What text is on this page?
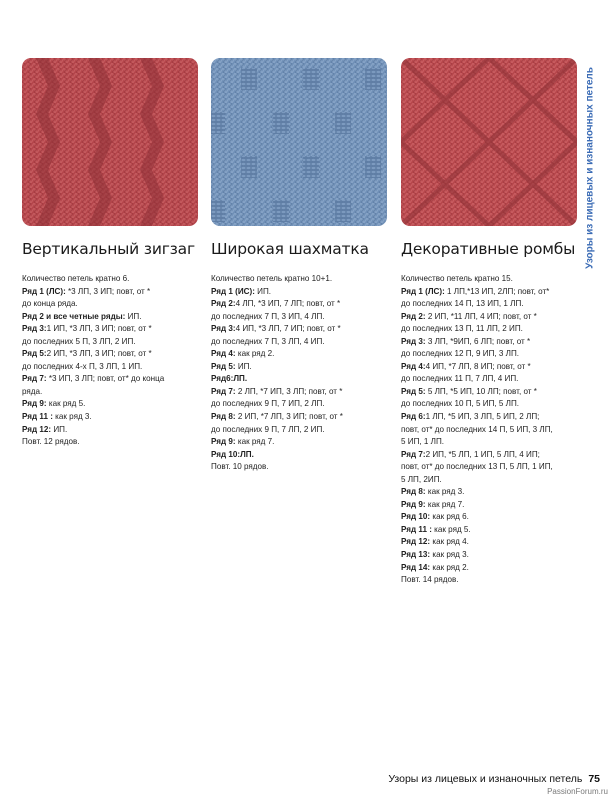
Вертикальный зигзаг
Количество петель кратно 6.
Ряд 1 (ЛС): *3 ЛП, 3 ИП; повт, от *
до конца ряда.
Ряд 2 и все четные ряды: ИП.
Ряд 3:1 ИП, *3 ЛП, 3 ИП; повт, от *
до последних 5 П, 3 ЛП, 2 ИП.
Ряд 5:2 ИП, *3 ЛП, 3 ИП; повт, от *
до последних 4-х П, 3 ЛП, 1 ИП.
Ряд 7: *3 ИП, 3 ЛП; повт, от* до конца
ряда.
Ряд 9: как ряд 5.
Ряд 11 : как ряд 3.
Ряд 12: ИП.
Повт. 12 рядов.
Широкая шахматка
Количество петель кратно 10+1.
Ряд 1 (ИС): ИП.
Ряд 2:4 ЛП, *3 ИП, 7 ЛП; повт, от *
до последних 7 П, 3 ИП, 4 ЛП.
Ряд 3:4 ИП, *3 ЛП, 7 ИП; повт, от *
до последних 7 П, 3 ЛП, 4 ИП.
Ряд 4: как ряд 2.
Ряд 5: ИП.
Ряд6:ЛП.
Ряд 7: 2 ЛП, *7 ИП, 3 ЛП; повт, от *
до последних 9 П, 7 ИП, 2 ЛП.
Ряд 8: 2 ИП, *7 ЛП, 3 ИП; повт, от *
до последних 9 П, 7 ЛП, 2 ИП.
Ряд 9: как ряд 7.
Ряд 10:ЛП.
Повт. 10 рядов.
Декоративные ромбы
Количество петель кратно 15.
Ряд 1 (ЛС): 1 ЛП,*13 ИП, 2ЛП; повт, от*
до последних 14 П, 13 ИП, 1 ЛП.
Ряд 2: 2 ИП, *11 ЛП, 4 ИП; повт, от *
до последних 13 П, 11 ЛП, 2 ИП.
Ряд 3: 3 ЛП, *9ИП, 6 ЛП; повт, от *
до последних 12 П, 9 ИП, 3 ЛП.
Ряд 4:4 ИП, *7 ЛП, 8 ИП; повт, от *
до последних 11 П, 7 ЛП, 4 ИП.
Ряд 5: 5 ЛП, *5 ИП, 10 ЛП; повт, от *
до последних 10 П, 5 ИП, 5 ЛП.
Ряд 6:1 ЛП, *5 ИП, 3 ЛП, 5 ИП, 2 ЛП;
повт, от* до последних 14 П, 5 ИП, 3 ЛП,
5 ИП, 1 ЛП.
Ряд 7:2 ИП, *5 ЛП, 1 ИП, 5 ЛП, 4 ИП;
повт, от* до последних 13 П, 5 ЛП, 1 ИП,
5 ЛП, 2ИП.
Ряд 8: как ряд 3.
Ряд 9: как ряд 7.
Ряд 10: как ряд 6.
Ряд 11 : как ряд 5.
Ряд 12: как ряд 4.
Ряд 13: как ряд 3.
Ряд 14: как ряд 2.
Повт. 14 рядов.
Узоры из лицевых и изнаночных петель
Узоры из лицевых и изнаночных петель 75
PassionForum.ru
